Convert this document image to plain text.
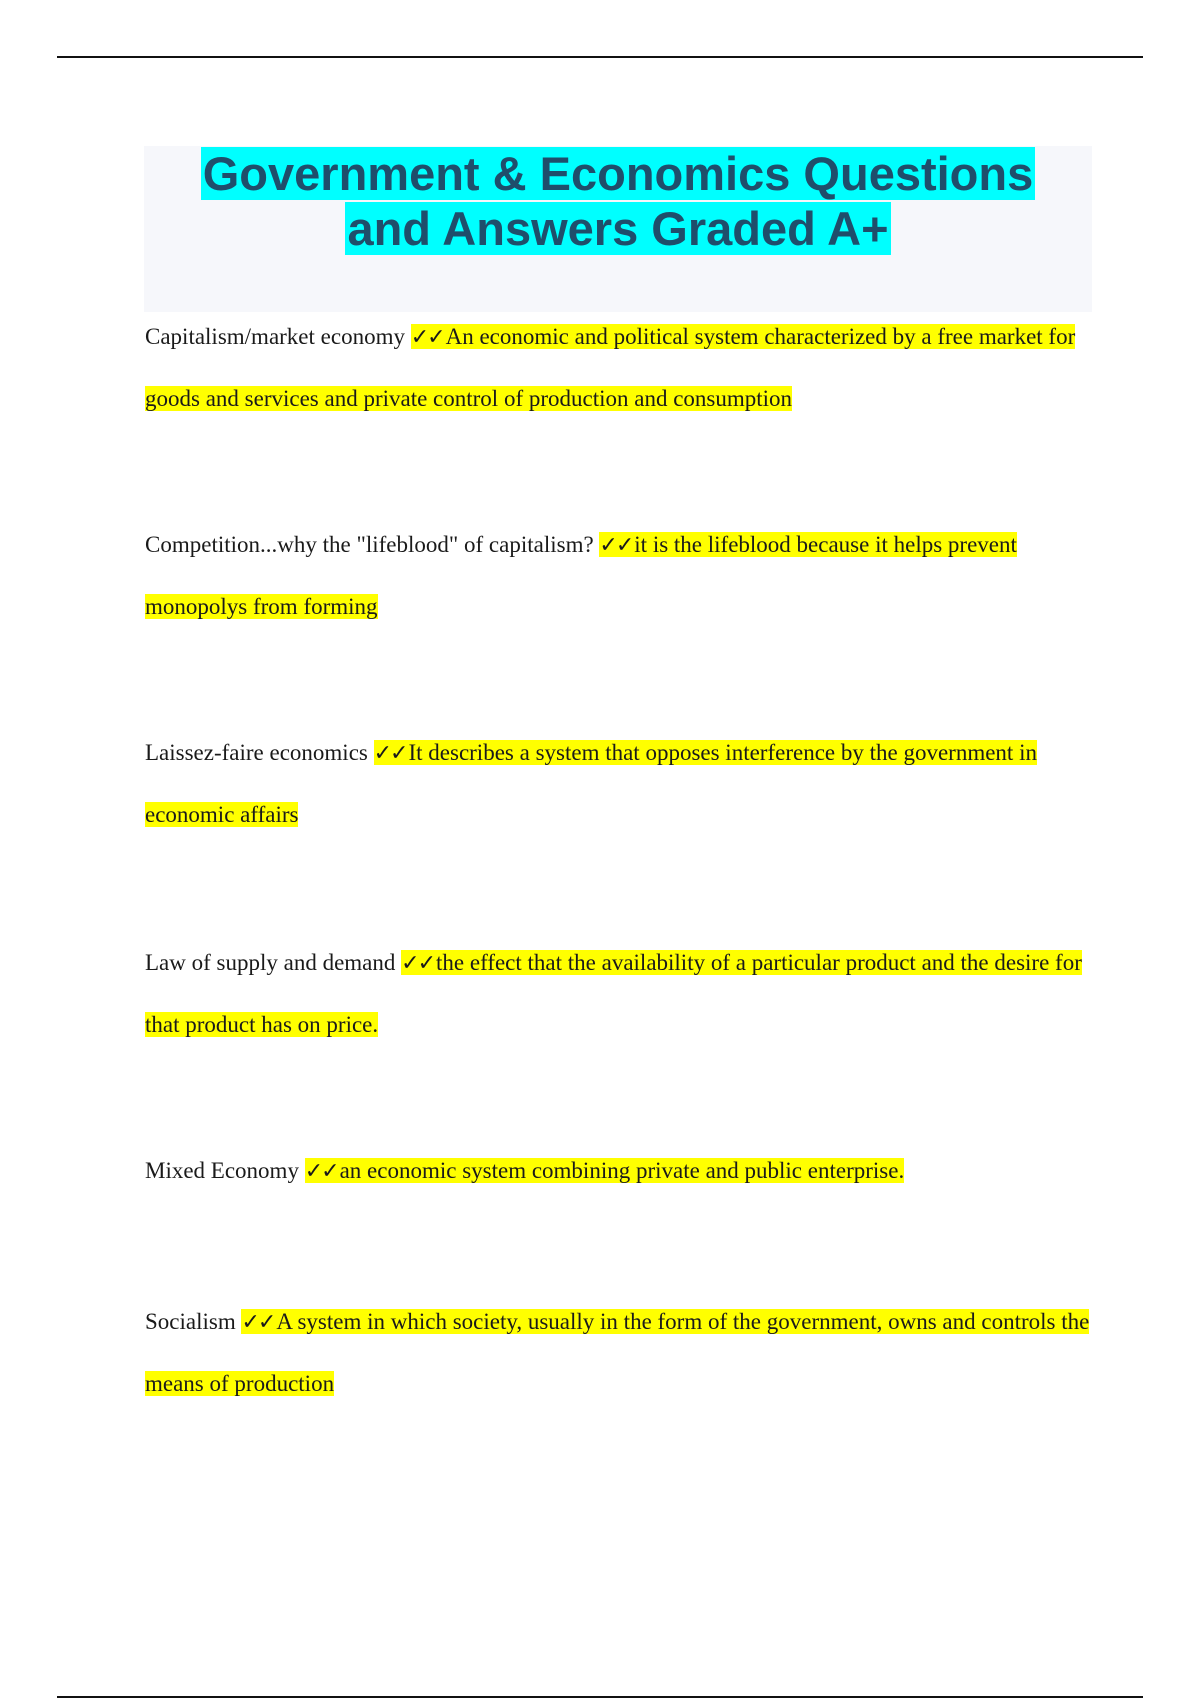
Government & Economics Questions and Answers Graded A+

Capitalism/market economy ✓✓An economic and political system characterized by a free market for goods and services and private control of production and consumption

Competition...why the "lifeblood" of capitalism? ✓✓it is the lifeblood because it helps prevent monopolys from forming

Laissez-faire economics ✓✓It describes a system that opposes interference by the government in economic affairs

Law of supply and demand ✓✓the effect that the availability of a particular product and the desire for that product has on price.

Mixed Economy ✓✓an economic system combining private and public enterprise.

Socialism ✓✓A system in which society, usually in the form of the government, owns and controls the means of production
